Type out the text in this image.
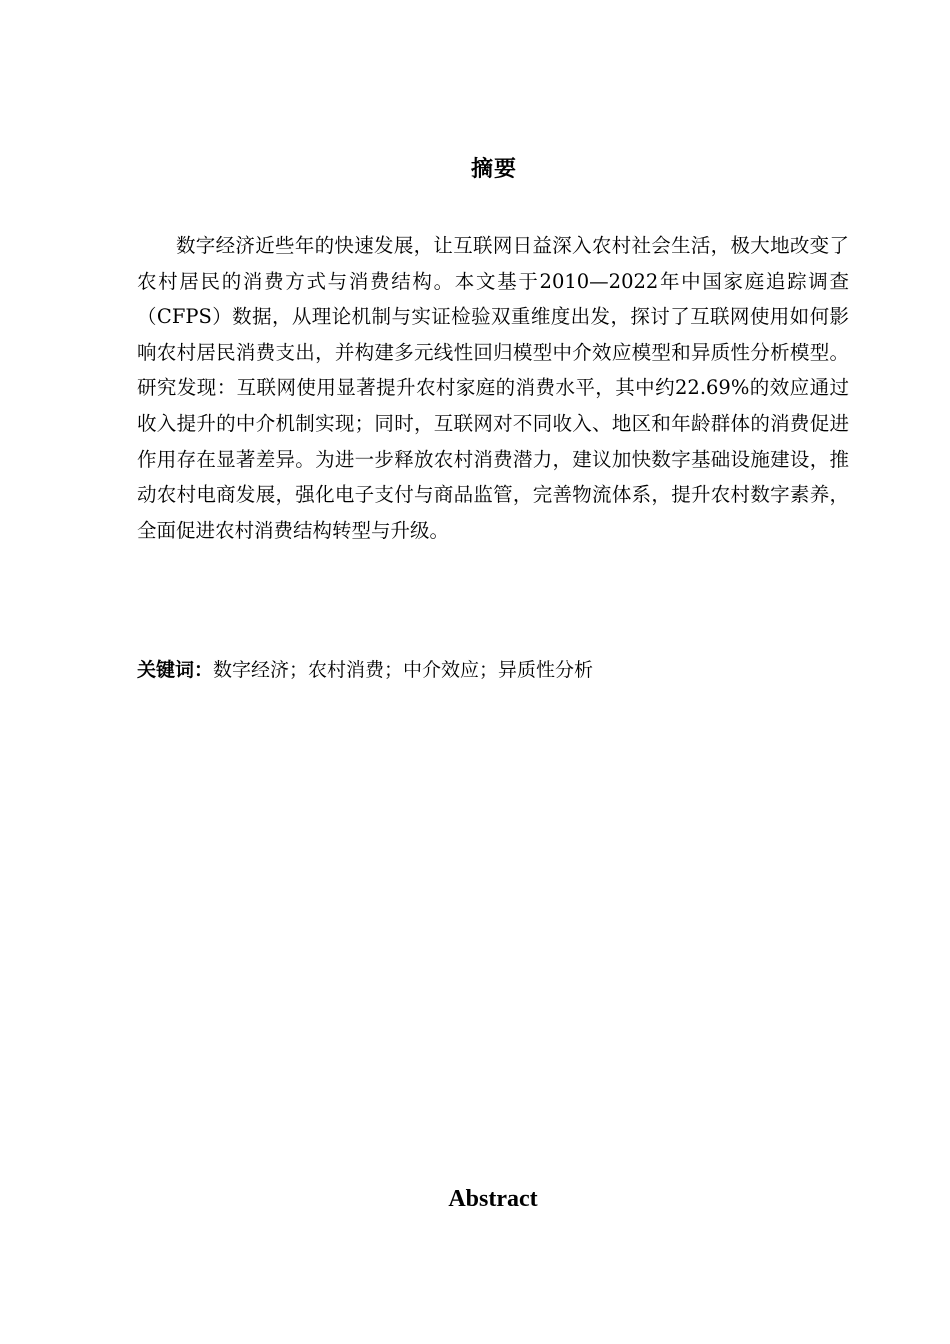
摘要

数字经济近些年的快速发展，让互联网日益深入农村社会生活，极大地改变了农村居民的消费方式与消费结构。本文基于2010—2022年中国家庭追踪调查（CFPS）数据，从理论机制与实证检验双重维度出发，探讨了互联网使用如何影响农村居民消费支出，并构建多元线性回归模型中介效应模型和异质性分析模型。研究发现：互联网使用显著提升农村家庭的消费水平，其中约22.69%的效应通过收入提升的中介机制实现；同时，互联网对不同收入、地区和年龄群体的消费促进作用存在显著差异。为进一步释放农村消费潜力，建议加快数字基础设施建设，推动农村电商发展，强化电子支付与商品监管，完善物流体系，提升农村数字素养，全面促进农村消费结构转型与升级。

关键词：数字经济；农村消费；中介效应；异质性分析
Abstract
